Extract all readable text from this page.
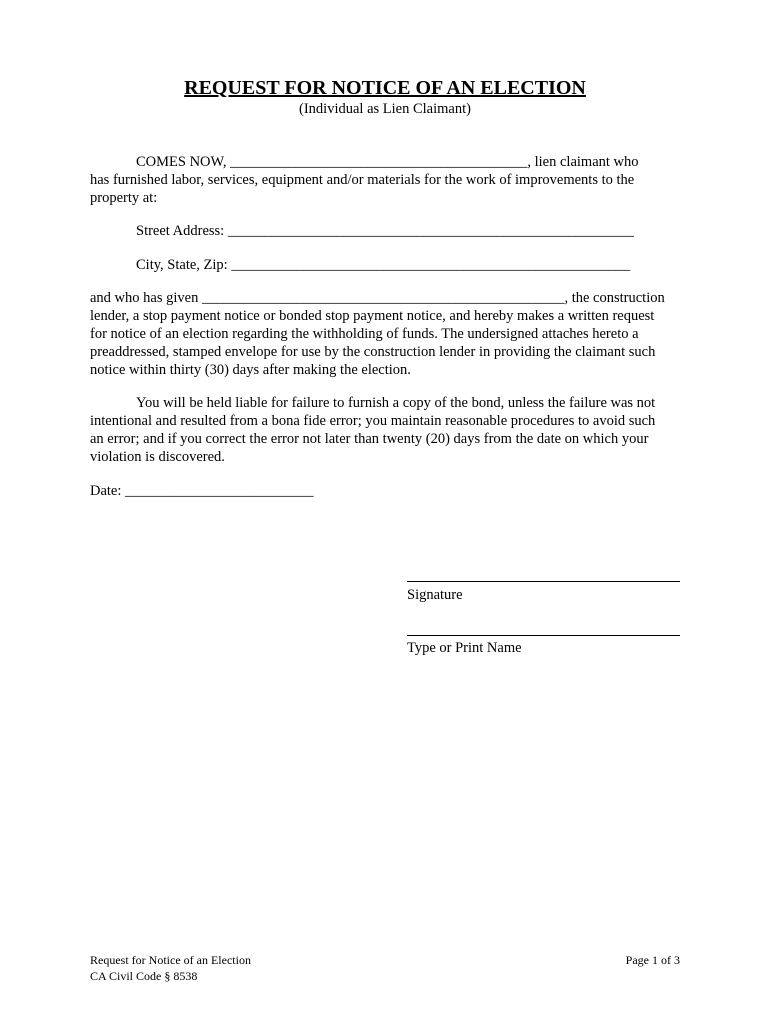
REQUEST FOR NOTICE OF AN ELECTION
(Individual as Lien Claimant)
COMES NOW, _________________________________________, lien claimant who
has furnished labor, services, equipment and/or materials for the work of improvements to the
property at:
Street Address: ________________________________________________________
City, State, Zip: _______________________________________________________
and who has given __________________________________________________, the construction
lender, a stop payment notice or bonded stop payment notice, and hereby makes a written request
for notice of an election regarding the withholding of funds. The undersigned attaches hereto a
preaddressed, stamped envelope for use by the construction lender in providing the claimant such
notice within thirty (30) days after making the election.
You will be held liable for failure to furnish a copy of the bond, unless the failure was not
intentional and resulted from a bona fide error; you maintain reasonable procedures to avoid such
an error; and if you correct the error not later than twenty (20) days from the date on which your
violation is discovered.
Date: __________________________
Signature
Type or Print Name
Request for Notice of an Election
CA Civil Code § 8538
Page 1 of 3
